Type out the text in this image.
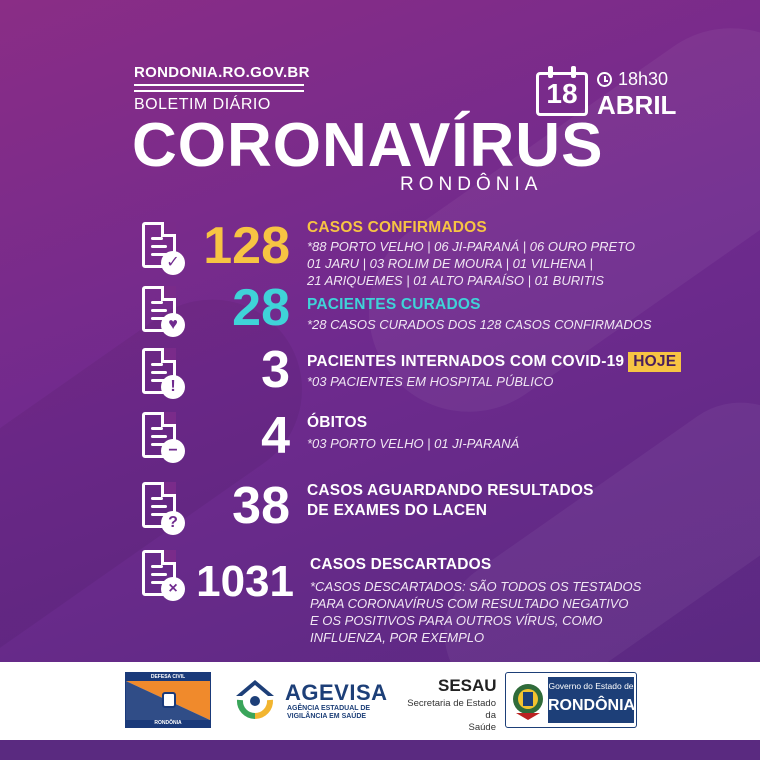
RONDONIA.RO.GOV.BR
BOLETIM DIÁRIO
CORONAVÍRUS
RONDÔNIA
18	18h30
ABRIL
✓ 128 CASOS CONFIRMADOS
*88 PORTO VELHO | 06 JI-PARANÁ | 06 OURO PRETO
01 JARU | 03 ROLIM DE MOURA | 01 VILHENA |
21 ARIQUEMES | 01 ALTO PARAÍSO | 01 BURITIS
♥	28 PACIENTES CURADOS
*28 CASOS CURADOS DOS 128 CASOS CONFIRMADOS
!	3 PACIENTES INTERNADOS COM COVID-19 HOJE
*03 PACIENTES EM HOSPITAL PÚBLICO
−	4 ÓBITOS
*03 PORTO VELHO | 01 JI-PARANÁ
?	38 CASOS AGUARDANDO RESULTADOS
DE EXAMES DO LACEN
× 1031 CASOS DESCARTADOS
*CASOS DESCARTADOS: SÃO TODOS OS TESTADOS
PARA CORONAVÍRUS COM RESULTADO NEGATIVO
E OS POSITIVOS PARA OUTROS VÍRUS, COMO
INFLUENZA, POR EXEMPLO
DEFESA CIVIL
RONDÔNIA
AGEVISA
AGÊNCIA ESTADUAL DE
VIGILÂNCIA EM SAÚDE
SESAU
Secretaria de Estado da
Saúde
Governo do Estado de
RONDÔNIA
